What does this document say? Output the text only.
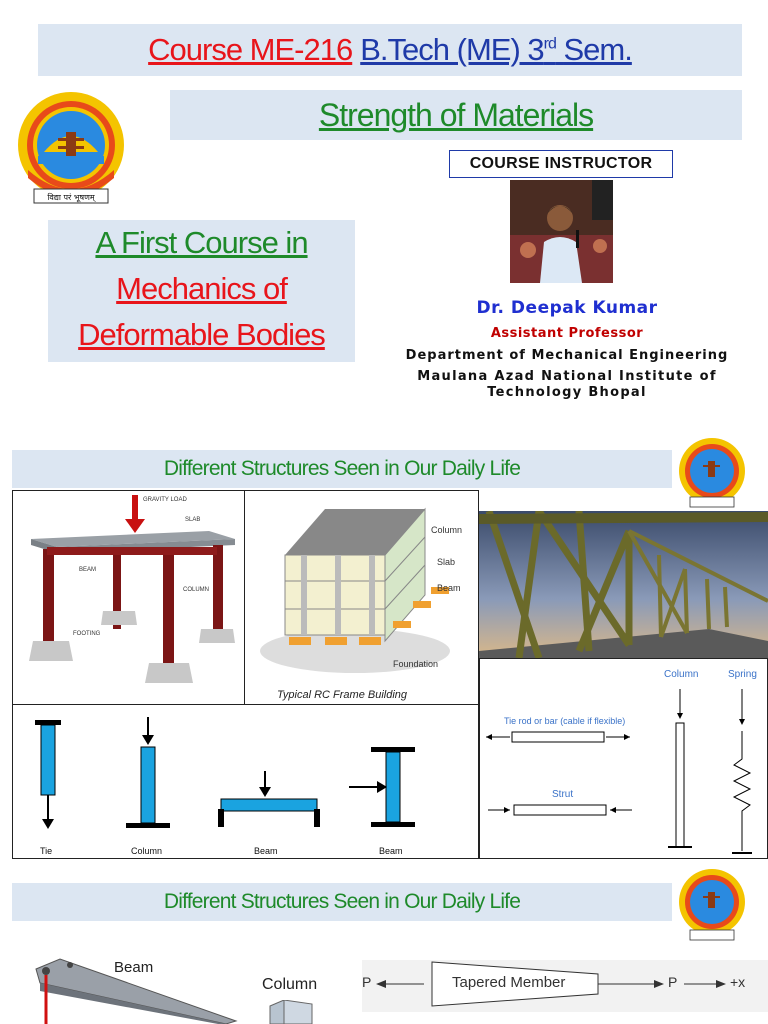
Course ME-216 B.Tech (ME) 3rd Sem.
Strength of Materials
विद्या परं भूषणम्
A First Course in
Mechanics of
Deformable Bodies
COURSE INSTRUCTOR
Dr. Deepak Kumar
Assistant Professor
Department of Mechanical Engineering
Maulana Azad National Institute of Technology Bhopal
Different Structures Seen in Our Daily Life
GRAVITY LOAD
SLAB
BEAM
COLUMN
FOOTING
Column
Slab
Beam
Foundation
Typical RC Frame Building
Tie	Column	Beam	Beam
Column	Spring
Tie rod or bar (cable if flexible)
Strut
Different Structures Seen in Our Daily Life
Beam
Column	P	Tapered Member	P	+x
